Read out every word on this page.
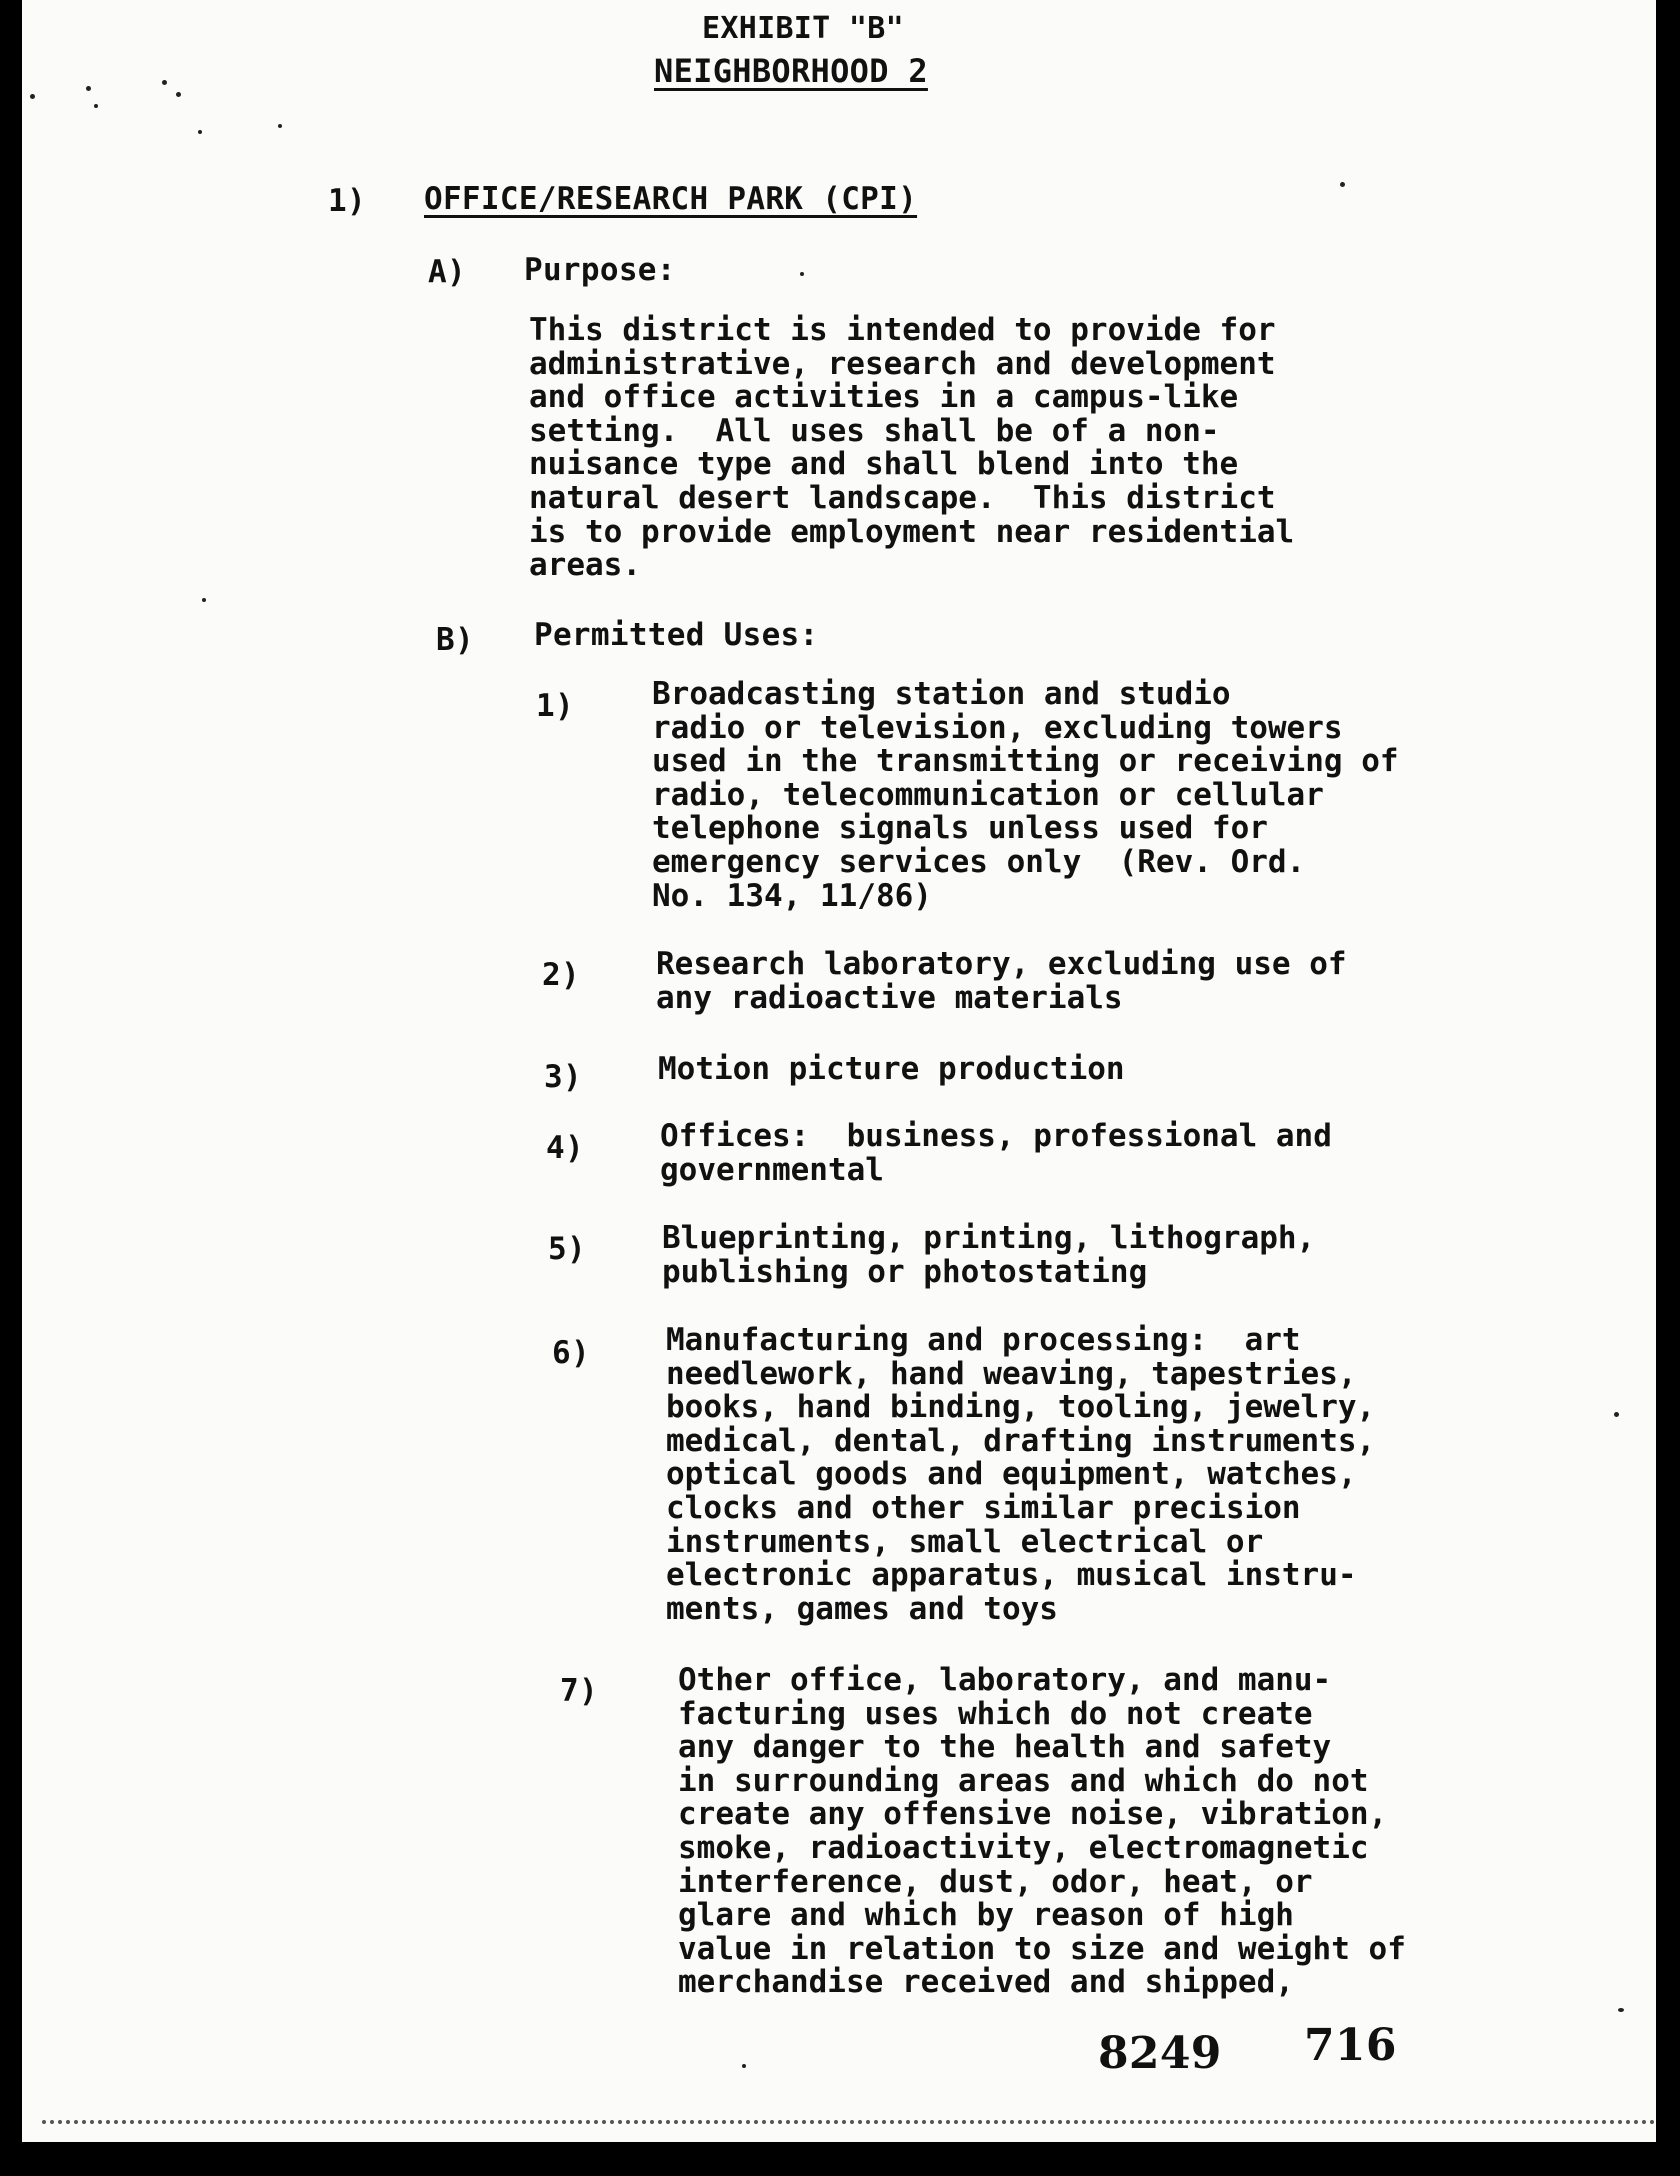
EXHIBIT "B"
NEIGHBORHOOD 2
1) OFFICE/RESEARCH PARK (CPI)
A) Purpose:
This district is intended to provide for
administrative, research and development
and office activities in a campus-like
setting.  All uses shall be of a non-
nuisance type and shall blend into the
natural desert landscape.  This district
is to provide employment near residential
areas.
B) Permitted Uses:
1)	Broadcasting station and studio
radio or television, excluding towers
used in the transmitting or receiving of
radio, telecommunication or cellular
telephone signals unless used for
emergency services only  (Rev. Ord.
No. 134, 11/86)
2) Research laboratory, excluding use of
any radioactive materials
3) Motion picture production
4) Offices:  business, professional and
governmental
5) Blueprinting, printing, lithograph,
publishing or photostating
6) Manufacturing and processing:  art
needlework, hand weaving, tapestries,
books, hand binding, tooling, jewelry,
medical, dental, drafting instruments,
optical goods and equipment, watches,
clocks and other similar precision
instruments, small electrical or
electronic apparatus, musical instru-
ments, games and toys
7)	Other office, laboratory, and manu-
facturing uses which do not create
any danger to the health and safety
in surrounding areas and which do not
create any offensive noise, vibration,
smoke, radioactivity, electromagnetic
interference, dust, odor, heat, or
glare and which by reason of high
value in relation to size and weight of
merchandise received and shipped,
8249 716
